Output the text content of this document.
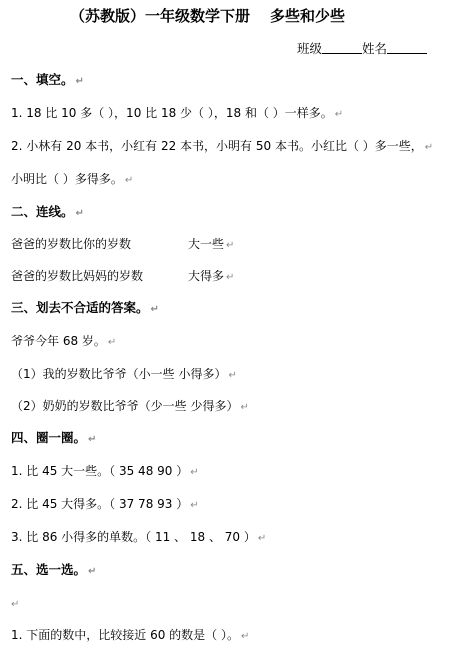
（苏教版）一年级数学下册 多些和少些
班级	姓名
一、填空。 ↵
1. 18 比 10 多（ ），10 比 18 少（ ），18 和（ ）一样多。 ↵
2. 小林有 20 本书，小红有 22 本书，小明有 50 本书。小红比（ ）多一些， ↵
小明比（ ）多得多。 ↵
二、连线。 ↵
爸爸的岁数比你的岁数	大一些 ↵
爸爸的岁数比妈妈的岁数	大得多 ↵
三、划去不合适的答案。 ↵
爷爷今年 68 岁。 ↵
（1）我的岁数比爷爷（小一些 小得多） ↵
（2）奶奶的岁数比爷爷（少一些 少得多） ↵
四、圈一圈。 ↵
1. 比 45 大一些。（ 35 48 90 ） ↵
2. 比 45 大得多。（ 37 78 93 ） ↵
3. 比 86 小得多的单数。（ 11 、 18 、 70 ） ↵
五、选一选。 ↵
↵
1. 下面的数中，比较接近 60 的数是（ ）。 ↵
